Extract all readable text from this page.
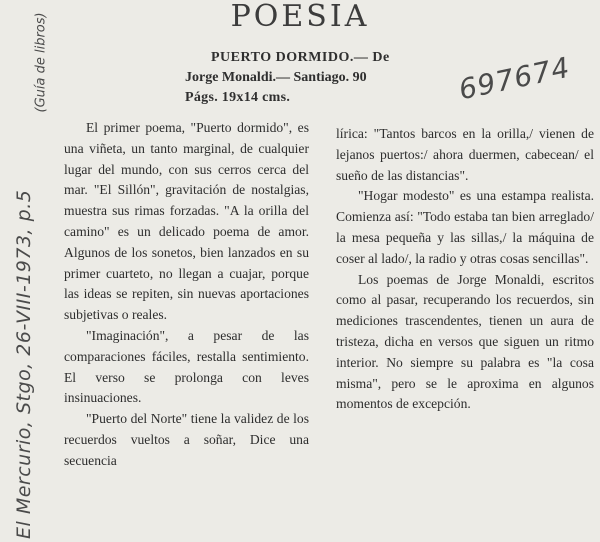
POESIA
PUERTO DORMIDO.— De
Jorge Monaldi.— Santiago. 90
Págs. 19x14 cms.	697674
El Mercurio, Stgo, 26-VIII-1973, p.5
(Guía de libros)

El primer poema, "Puerto dormido", es una viñeta, un tanto marginal, de cualquier lugar del mundo, con sus cerros cerca del mar. "El Sillón", gravitación de nostalgias, muestra sus rimas forzadas. "A la orilla del camino" es un delicado poema de amor. Algunos de los sonetos, bien lanzados en su primer cuarteto, no llegan a cuajar, porque las ideas se repiten, sin nuevas aportaciones subjetivas o reales.

"Imaginación", a pesar de las comparaciones fáciles, restalla sentimiento. El verso se prolonga con leves insinuaciones.

"Puerto del Norte" tiene la validez de los recuerdos vueltos a soñar, Dice una secuencia

lírica: "Tantos barcos en la orilla,/ vienen de lejanos puertos:/ ahora duermen, cabecean/ el sueño de las distancias".

"Hogar modesto" es una estampa realista. Comienza así: "Todo estaba tan bien arreglado/ la mesa pequeña y las sillas,/ la máquina de coser al lado/, la radio y otras cosas sencillas".

Los poemas de Jorge Monaldi, escritos como al pasar, recuperando los recuerdos, sin mediciones trascendentes, tienen un aura de tristeza, dicha en versos que siguen un ritmo interior. No siempre su palabra es "la cosa misma", pero se le aproxima en algunos momentos de excepción.
